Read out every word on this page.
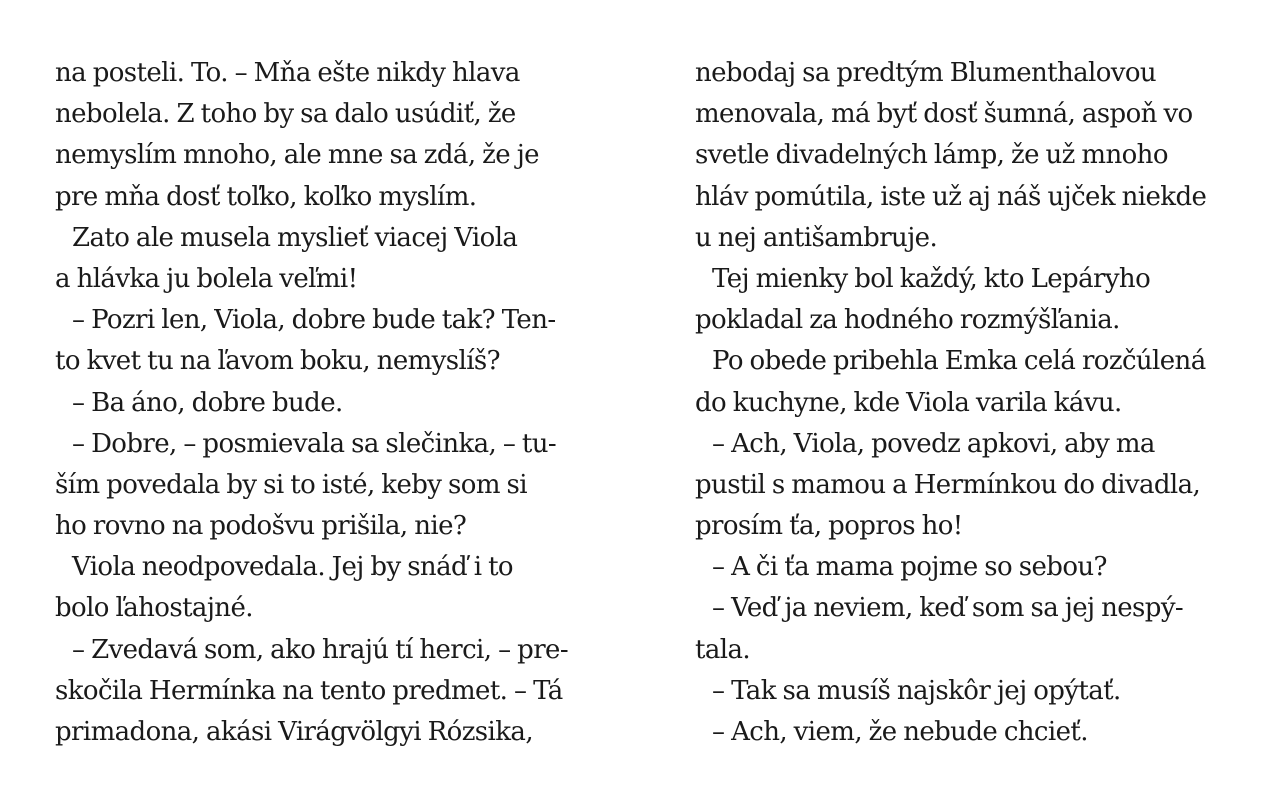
na posteli. To. – Mňa ešte nikdy hlava
nebolela. Z toho by sa dalo usúdiť, že
nemyslím mnoho, ale mne sa zdá, že je
pre mňa dosť toľko, koľko myslím.
Zato ale musela myslieť viacej Viola
a hlávka ju bolela veľmi!
– Pozri len, Viola, dobre bude tak? Ten-
to kvet tu na ľavom boku, nemyslíš?
– Ba áno, dobre bude.
– Dobre, – posmievala sa slečinka, – tu-
ším povedala by si to isté, keby som si
ho rovno na podošvu prišila, nie?
Viola neodpovedala. Jej by snáď i to
bolo ľahostajné.
– Zvedavá som, ako hrajú tí herci, – pre-
skočila Hermínka na tento predmet. – Tá
primadona, akási Virágvölgyi Rózsika,
nebodaj sa predtým Blumenthalovou
menovala, má byť dosť šumná, aspoň vo
svetle divadelných lámp, že už mnoho
hláv pomútila, iste už aj náš ujček niekde
u nej antišambruje.
Tej mienky bol každý, kto Lepáryho
pokladal za hodného rozmýšľania.
Po obede pribehla Emka celá rozčúlená
do kuchyne, kde Viola varila kávu.
– Ach, Viola, povedz apkovi, aby ma
pustil s mamou a Hermínkou do divadla,
prosím ťa, popros ho!
– A či ťa mama pojme so sebou?
– Veď ja neviem, keď som sa jej nespý-
tala.
– Tak sa musíš najskôr jej opýtať.
– Ach, viem, že nebude chcieť.
